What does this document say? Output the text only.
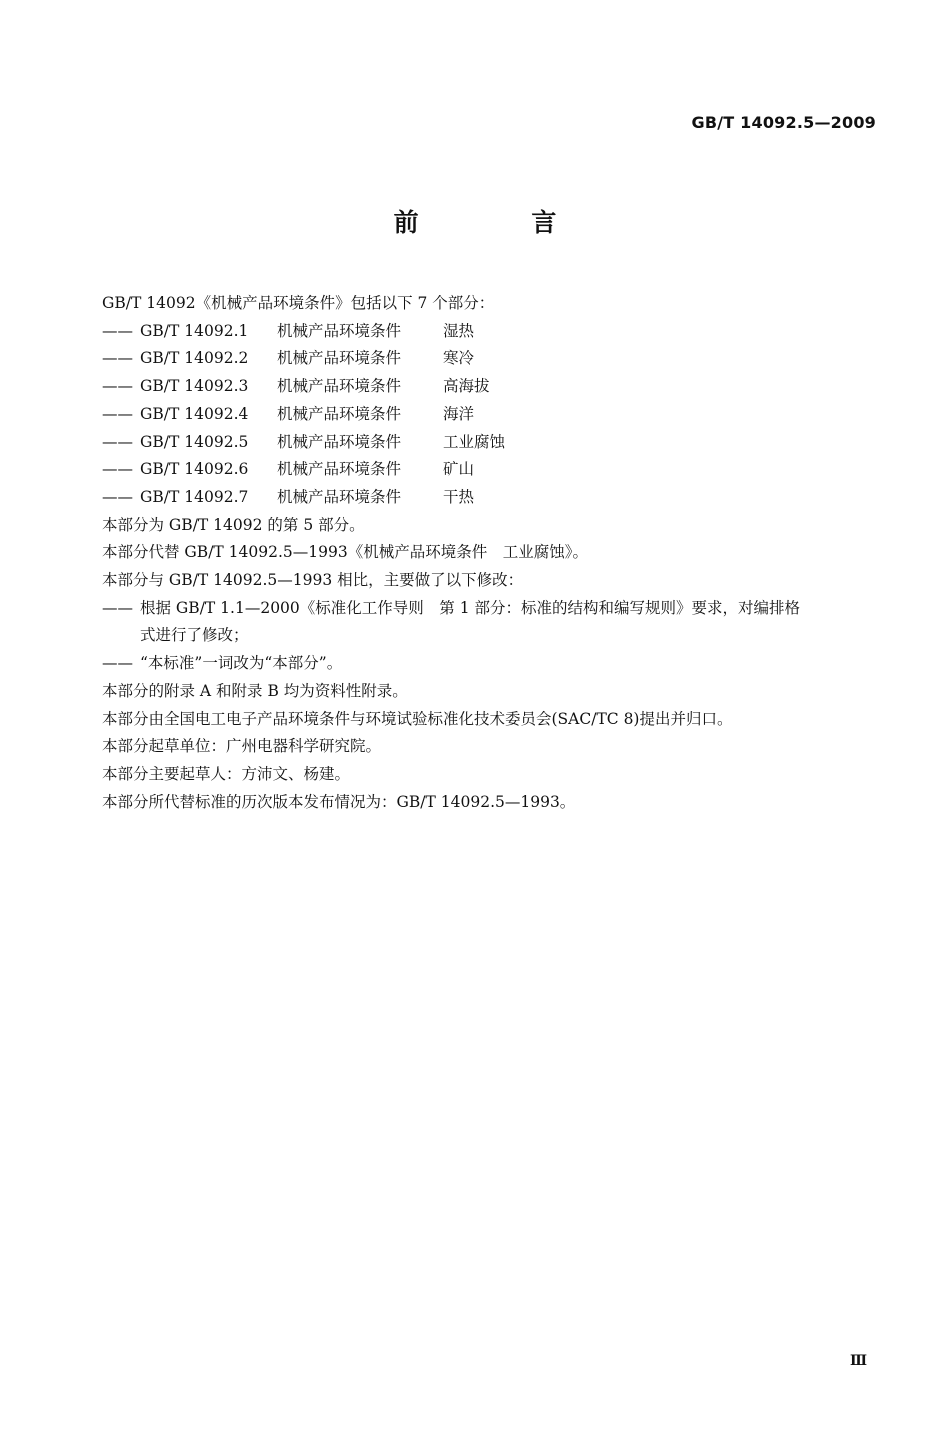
GB/T 14092.5—2009
前 言
GB/T 14092《机械产品环境条件》包括以下 7 个部分：
—— GB/T 14092.1 机械产品环境条件	湿热
—— GB/T 14092.2 机械产品环境条件	寒冷
—— GB/T 14092.3 机械产品环境条件	高海拔
—— GB/T 14092.4 机械产品环境条件	海洋
—— GB/T 14092.5 机械产品环境条件	工业腐蚀
—— GB/T 14092.6 机械产品环境条件	矿山
—— GB/T 14092.7 机械产品环境条件	干热
本部分为 GB/T 14092 的第 5 部分。
本部分代替 GB/T 14092.5—1993《机械产品环境条件　工业腐蚀》。
本部分与 GB/T 14092.5—1993 相比，主要做了以下修改：
—— 根据 GB/T 1.1—2000《标准化工作导则　第 1 部分：标准的结构和编写规则》要求，对编排格
式进行了修改；
—— “本标准”一词改为“本部分”。
本部分的附录 A 和附录 B 均为资料性附录。
本部分由全国电工电子产品环境条件与环境试验标准化技术委员会(SAC/TC 8)提出并归口。
本部分起草单位：广州电器科学研究院。
本部分主要起草人：方沛文、杨建。
本部分所代替标准的历次版本发布情况为：GB/T 14092.5—1993。
Ⅲ
